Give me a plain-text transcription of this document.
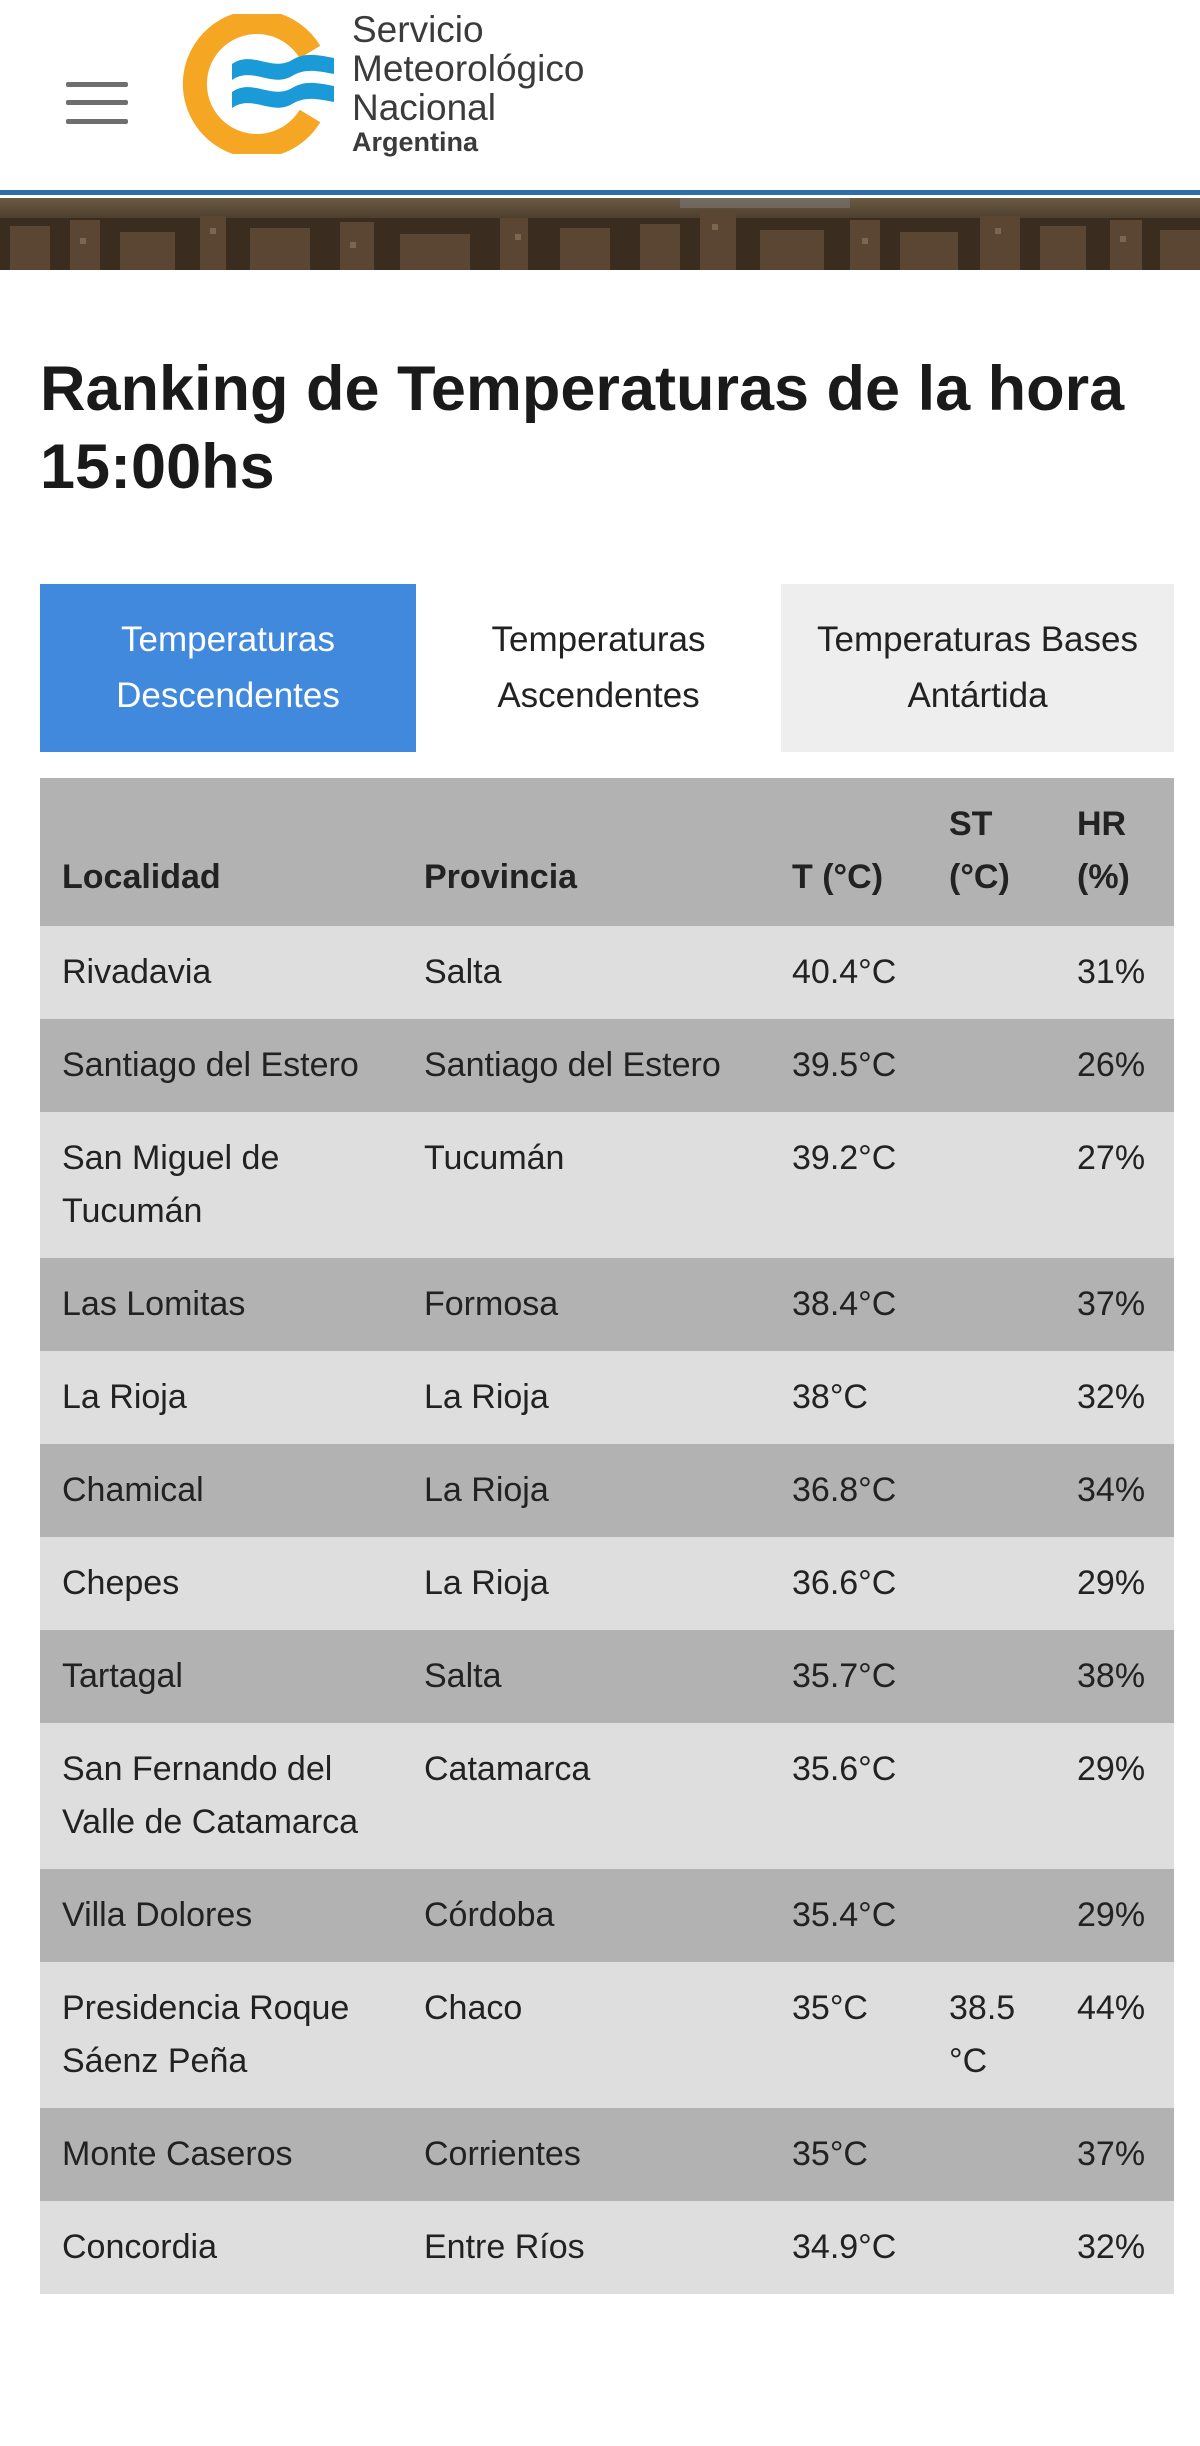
Servicio
Meteorológico
Nacional
Argentina
Ranking de Temperaturas de la hora 15:00hs
Temperaturas Descendentes
Temperaturas Ascendentes
Temperaturas Bases Antártida
Localidad	Provincia	T (°C)	ST (°C)	HR (%)
Rivadavia	Salta	40.4°C		31%
Santiago del Estero	Santiago del Estero	39.5°C		26%
San Miguel de Tucumán	Tucumán	39.2°C		27%
Las Lomitas	Formosa	38.4°C		37%
La Rioja	La Rioja	38°C		32%
Chamical	La Rioja	36.8°C		34%
Chepes	La Rioja	36.6°C		29%
Tartagal	Salta	35.7°C		38%
San Fernando del Valle de Catamarca	Catamarca	35.6°C		29%
Villa Dolores	Córdoba	35.4°C		29%
Presidencia Roque Sáenz Peña	Chaco	35°C	38.5 °C	44%
Monte Caseros	Corrientes	35°C		37%
Concordia	Entre Ríos	34.9°C		32%
